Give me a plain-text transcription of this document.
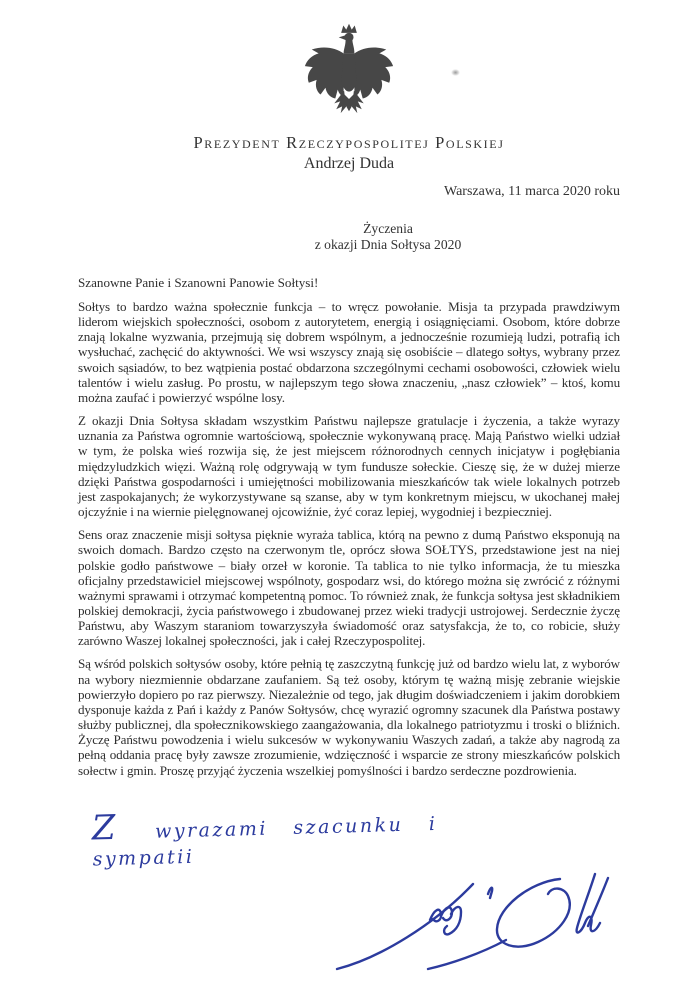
Prezydent Rzeczypospolitej Polskiej
Andrzej Duda
Warszawa, 11 marca 2020 roku
Życzenia
z okazji Dnia Sołtysa 2020
Szanowne Panie i Szanowni Panowie Sołtysi!

Sołtys to bardzo ważna społecznie funkcja – to wręcz powołanie. Misja ta przypada prawdziwym liderom wiejskich społeczności, osobom z autorytetem, energią i osiągnięciami. Osobom, które dobrze znają lokalne wyzwania, przejmują się dobrem wspólnym, a jednocześnie rozumieją ludzi, potrafią ich wysłuchać, zachęcić do aktywności. We wsi wszyscy znają się osobiście – dlatego sołtys, wybrany przez swoich sąsiadów, to bez wątpienia postać obdarzona szczególnymi cechami osobowości, człowiek wielu talentów i wielu zasług. Po prostu, w najlepszym tego słowa znaczeniu, „nasz człowiek” – ktoś, komu można zaufać i powierzyć wspólne losy.

Z okazji Dnia Sołtysa składam wszystkim Państwu najlepsze gratulacje i życzenia, a także wyrazy uznania za Państwa ogromnie wartościową, społecznie wykonywaną pracę. Mają Państwo wielki udział w tym, że polska wieś rozwija się, że jest miejscem różnorodnych cennych inicjatyw i pogłębiania międzyludzkich więzi. Ważną rolę odgrywają w tym fundusze sołeckie. Cieszę się, że w dużej mierze dzięki Państwa gospodarności i umiejętności mobilizowania mieszkańców tak wiele lokalnych potrzeb jest zaspokajanych; że wykorzystywane są szanse, aby w tym konkretnym miejscu, w ukochanej małej ojczyźnie i na wiernie pielęgnowanej ojcowiźnie, żyć coraz lepiej, wygodniej i bezpieczniej.

Sens oraz znaczenie misji sołtysa pięknie wyraża tablica, którą na pewno z dumą Państwo eksponują na swoich domach. Bardzo często na czerwonym tle, oprócz słowa SOŁTYS, przedstawione jest na niej polskie godło państwowe – biały orzeł w koronie. Ta tablica to nie tylko informacja, że tu mieszka oficjalny przedstawiciel miejscowej wspólnoty, gospodarz wsi, do którego można się zwrócić z różnymi ważnymi sprawami i otrzymać kompetentną pomoc. To również znak, że funkcja sołtysa jest składnikiem polskiej demokracji, życia państwowego i zbudowanej przez wieki tradycji ustrojowej. Serdecznie życzę Państwu, aby Waszym staraniom towarzyszyła świadomość oraz satysfakcja, że to, co robicie, służy zarówno Waszej lokalnej społeczności, jak i całej Rzeczypospolitej.

Są wśród polskich sołtysów osoby, które pełnią tę zaszczytną funkcję już od bardzo wielu lat, z wyborów na wybory niezmiennie obdarzane zaufaniem. Są też osoby, którym tę ważną misję zebranie wiejskie powierzyło dopiero po raz pierwszy. Niezależnie od tego, jak długim doświadczeniem i jakim dorobkiem dysponuje każda z Pań i każdy z Panów Sołtysów, chcę wyrazić ogromny szacunek dla Państwa postawy służby publicznej, dla społecznikowskiego zaangażowania, dla lokalnego patriotyzmu i troski o bliźnich. Życzę Państwu powodzenia i wielu sukcesów w wykonywaniu Waszych zadań, a także aby nagrodą za pełną oddania pracę były zawsze zrozumienie, wdzięczność i wsparcie ze strony mieszkańców polskich sołectw i gmin. Proszę przyjąć życzenia wszelkiej pomyślności i bardzo serdeczne pozdrowienia.

Z wyrazami szacunku i sympatii
